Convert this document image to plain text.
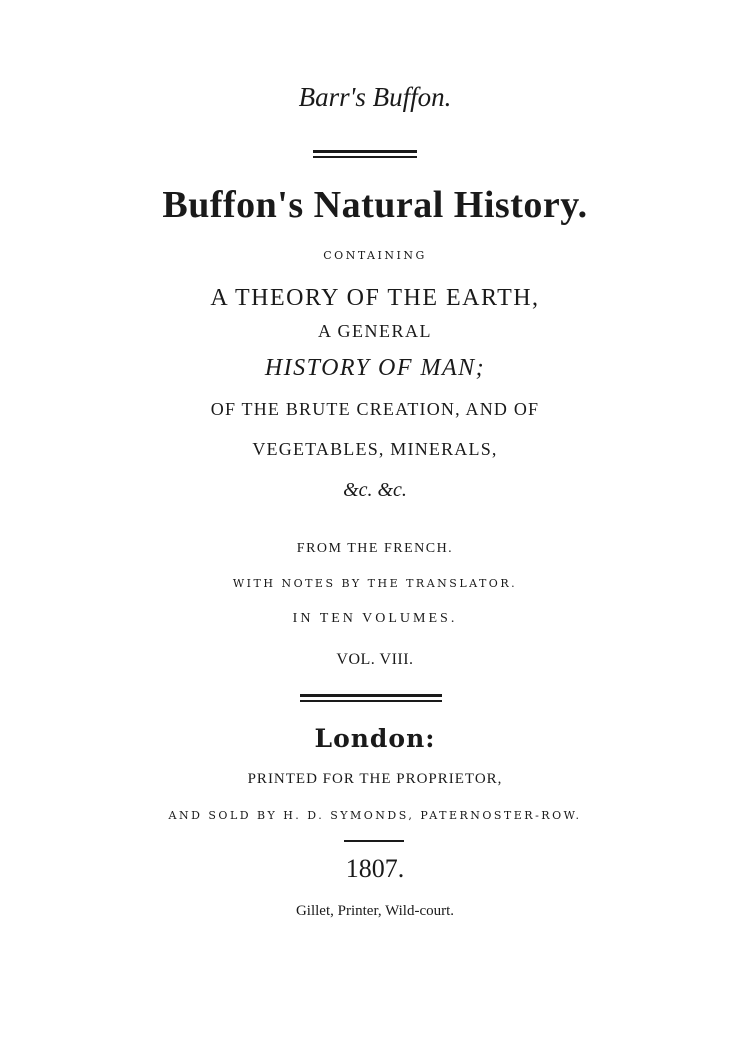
Barr's Buffon.
Buffon's Natural History.
CONTAINING
A THEORY OF THE EARTH,
A GENERAL
HISTORY OF MAN;
OF THE BRUTE CREATION, AND OF
VEGETABLES, MINERALS,
&c. &c.
FROM THE FRENCH.
WITH NOTES BY THE TRANSLATOR.
IN TEN VOLUMES.
VOL. VIII.
London:
PRINTED FOR THE PROPRIETOR,
AND SOLD BY H. D. SYMONDS, PATERNOSTER-ROW.
1807.
Gillet, Printer, Wild-court.
